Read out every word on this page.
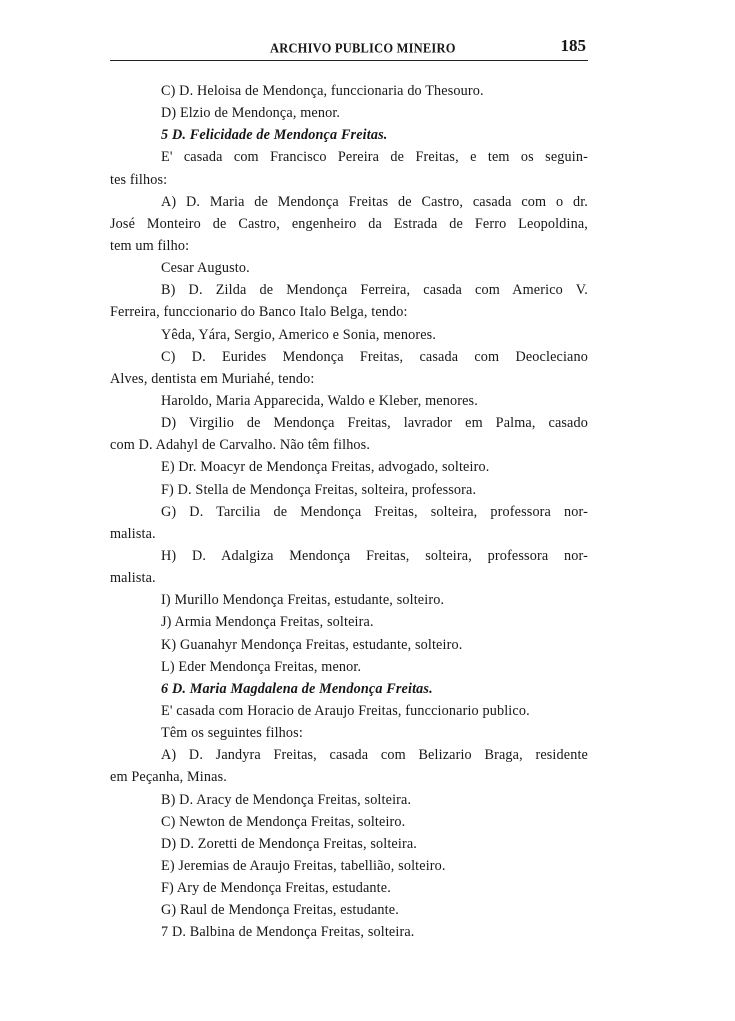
ARCHIVO PUBLICO MINEIRO	185
C) D. Heloisa de Mendonça, funccionaria do Thesouro.
D) Elzio de Mendonça, menor.
5 D. Felicidade de Mendonça Freitas.
E' casada com Francisco Pereira de Freitas, e tem os seguin-
tes filhos:
A) D. Maria de Mendonça Freitas de Castro, casada com o dr.
José Monteiro de Castro, engenheiro da Estrada de Ferro Leopoldina,
tem um filho:
Cesar Augusto.
B) D. Zilda de Mendonça Ferreira, casada com Americo V.
Ferreira, funccionario do Banco Italo Belga, tendo:
Yêda, Yára, Sergio, Americo e Sonia, menores.
C) D. Eurides Mendonça Freitas, casada com Deocleciano
Alves, dentista em Muriahé, tendo:
Haroldo, Maria Apparecida, Waldo e Kleber, menores.
D) Virgilio de Mendonça Freitas, lavrador em Palma, casado
com D. Adahyl de Carvalho. Não têm filhos.
E) Dr. Moacyr de Mendonça Freitas, advogado, solteiro.
F) D. Stella de Mendonça Freitas, solteira, professora.
G) D. Tarcilia de Mendonça Freitas, solteira, professora nor-
malista.
H) D. Adalgiza Mendonça Freitas, solteira, professora nor-
malista.
I) Murillo Mendonça Freitas, estudante, solteiro.
J) Armia Mendonça Freitas, solteira.
K) Guanahyr Mendonça Freitas, estudante, solteiro.
L) Eder Mendonça Freitas, menor.
6 D. Maria Magdalena de Mendonça Freitas.
E' casada com Horacio de Araujo Freitas, funccionario publico.
Têm os seguintes filhos:
A) D. Jandyra Freitas, casada com Belizario Braga, residente
em Peçanha, Minas.
B) D. Aracy de Mendonça Freitas, solteira.
C) Newton de Mendonça Freitas, solteiro.
D) D. Zoretti de Mendonça Freitas, solteira.
E) Jeremias de Araujo Freitas, tabellião, solteiro.
F) Ary de Mendonça Freitas, estudante.
G) Raul de Mendonça Freitas, estudante.
7 D. Balbina de Mendonça Freitas, solteira.
